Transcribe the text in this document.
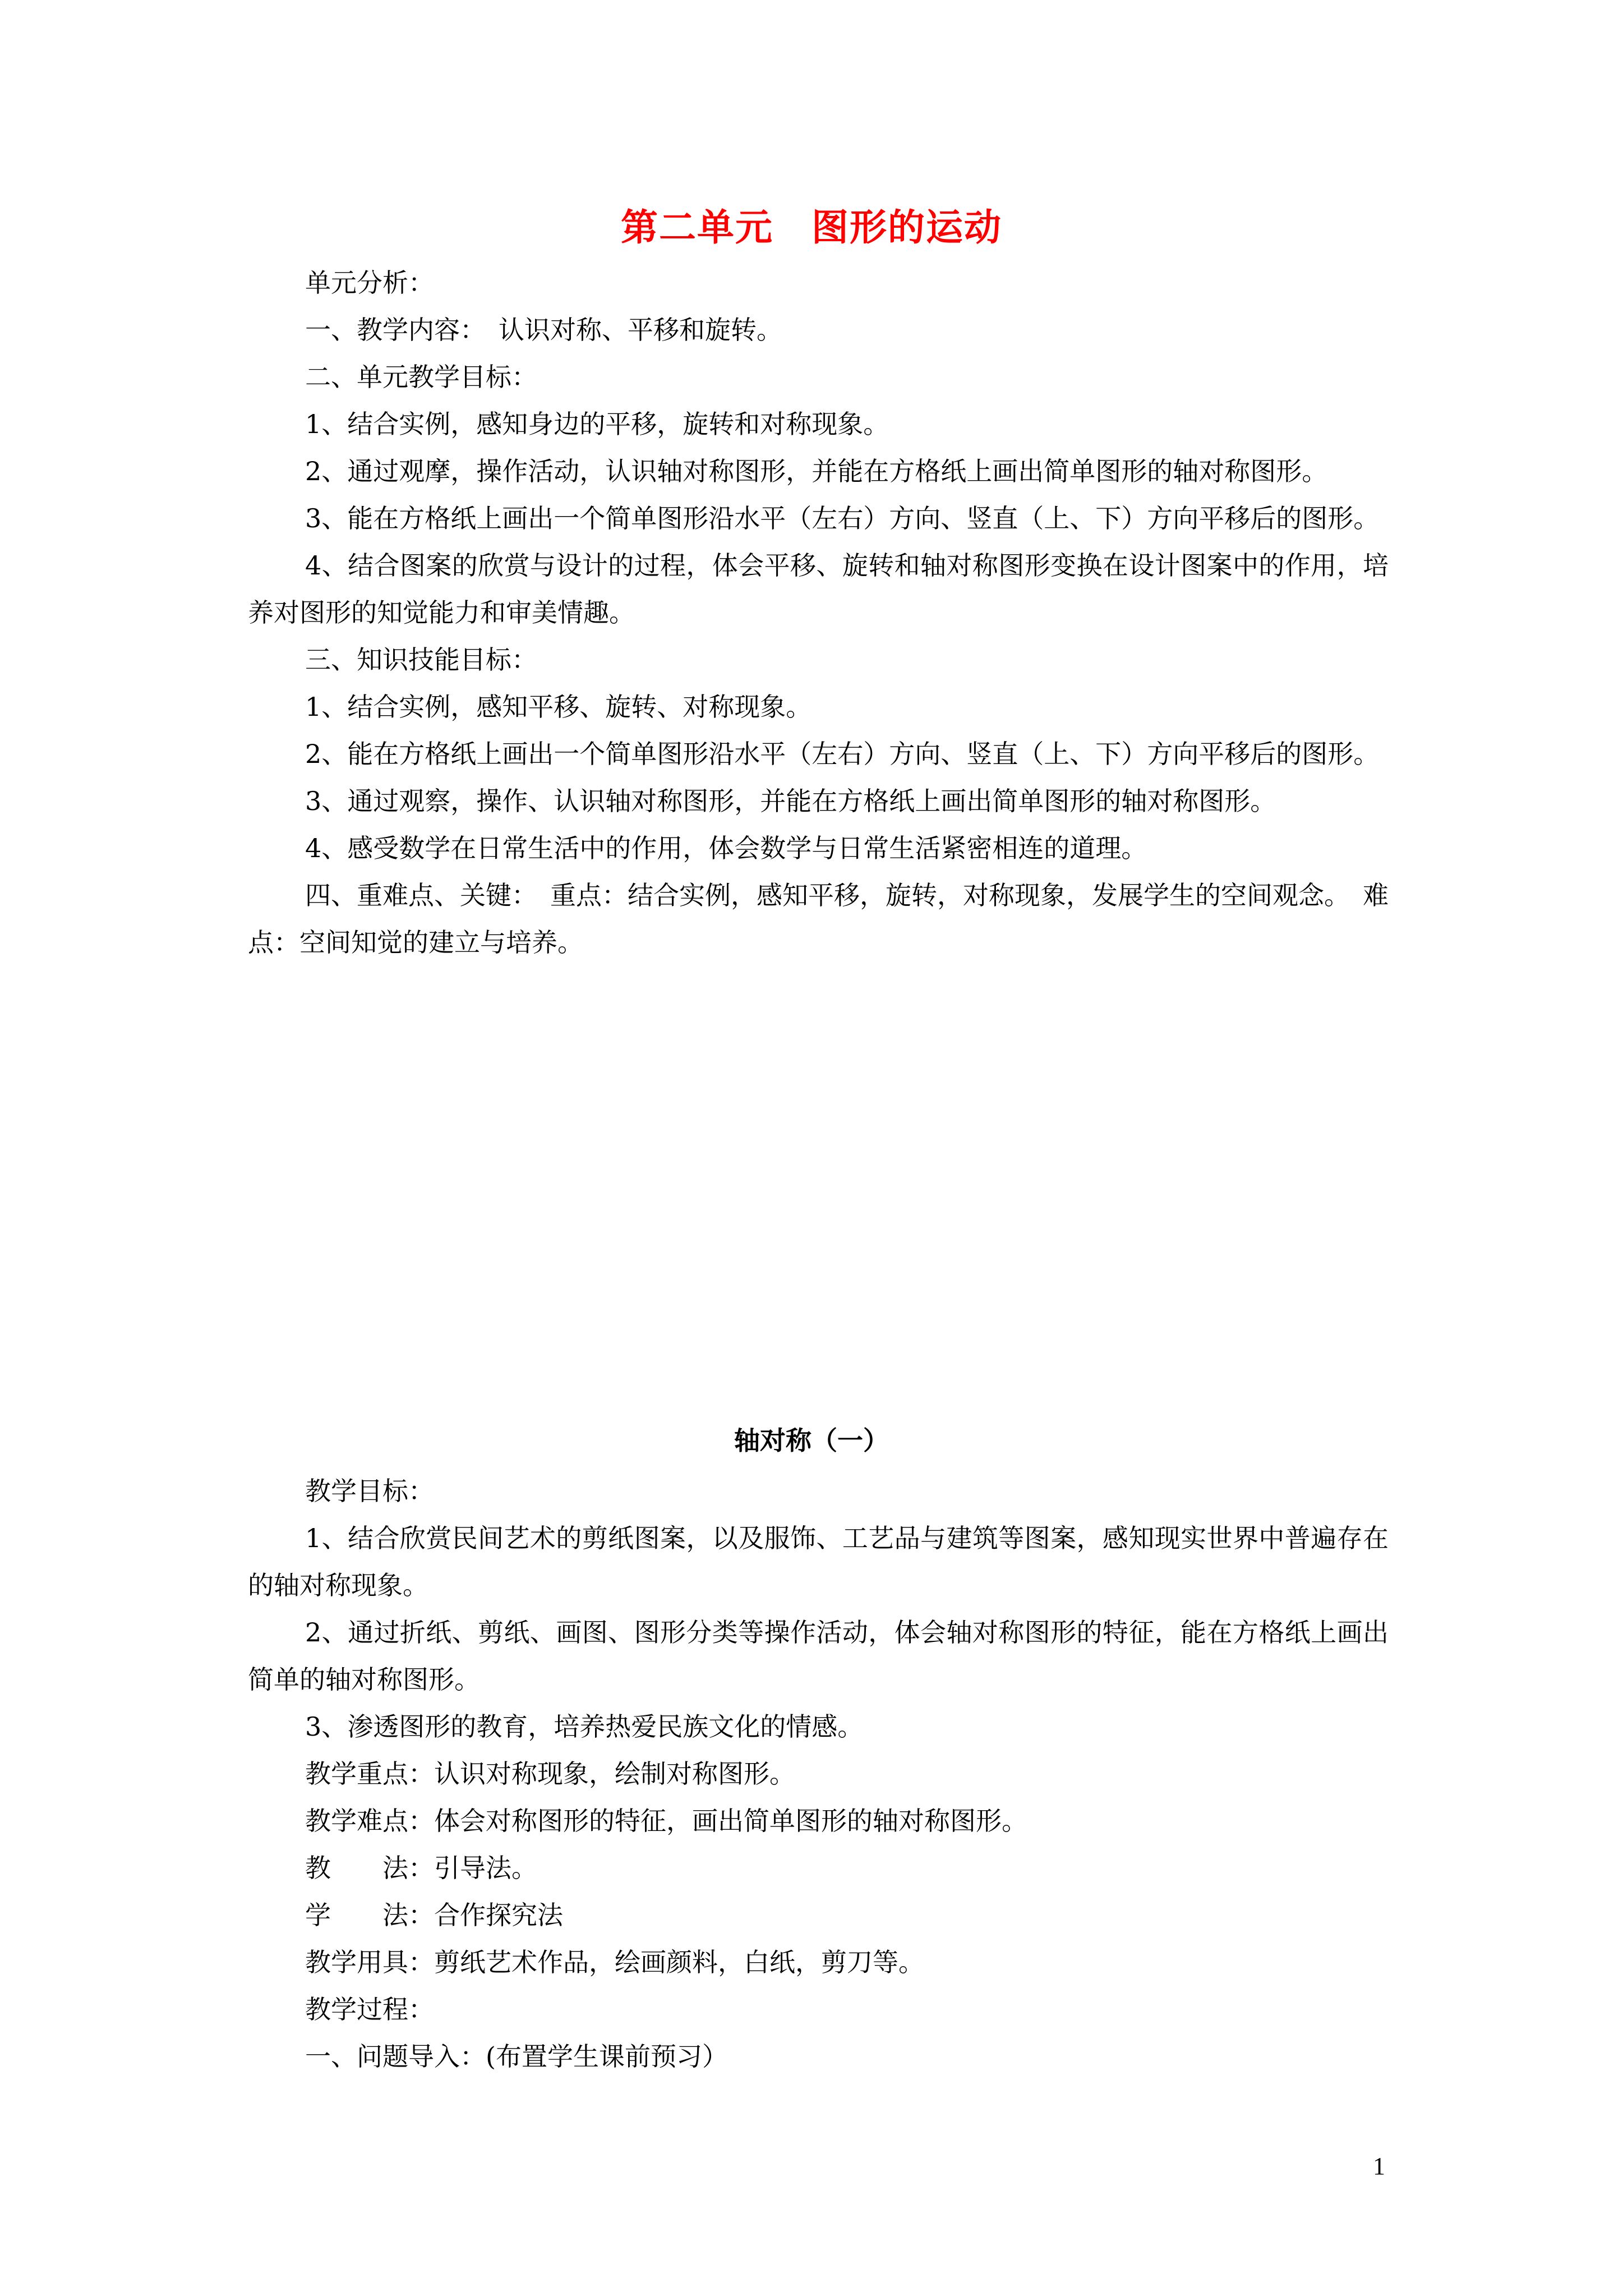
第二单元　图形的运动

单元分析：

一、教学内容：　认识对称、平移和旋转。

二、单元教学目标：

1、结合实例，感知身边的平移，旋转和对称现象。

2、通过观摩，操作活动，认识轴对称图形，并能在方格纸上画出简单图形的轴对称图形。

3、能在方格纸上画出一个简单图形沿水平（左右）方向、竖直（上、下）方向平移后的图形。

4、结合图案的欣赏与设计的过程，体会平移、旋转和轴对称图形变换在设计图案中的作用，培养对图形的知觉能力和审美情趣。

三、知识技能目标：

1、结合实例，感知平移、旋转、对称现象。

2、能在方格纸上画出一个简单图形沿水平（左右）方向、竖直（上、下）方向平移后的图形。

3、通过观察，操作、认识轴对称图形，并能在方格纸上画出简单图形的轴对称图形。

4、感受数学在日常生活中的作用，体会数学与日常生活紧密相连的道理。

四、重难点、关键：　重点：结合实例，感知平移，旋转，对称现象，发展学生的空间观念。　难点：空间知觉的建立与培养。

轴对称（一）

教学目标：

1、结合欣赏民间艺术的剪纸图案，以及服饰、工艺品与建筑等图案，感知现实世界中普遍存在的轴对称现象。

2、通过折纸、剪纸、画图、图形分类等操作活动，体会轴对称图形的特征，能在方格纸上画出简单的轴对称图形。

3、渗透图形的教育，培养热爱民族文化的情感。

教学重点：认识对称现象，绘制对称图形。

教学难点：体会对称图形的特征，画出简单图形的轴对称图形。

教　　法：引导法。

学　　法：合作探究法

教学用具：剪纸艺术作品，绘画颜料，白纸，剪刀等。

教学过程：

一、问题导入：(布置学生课前预习）

1
